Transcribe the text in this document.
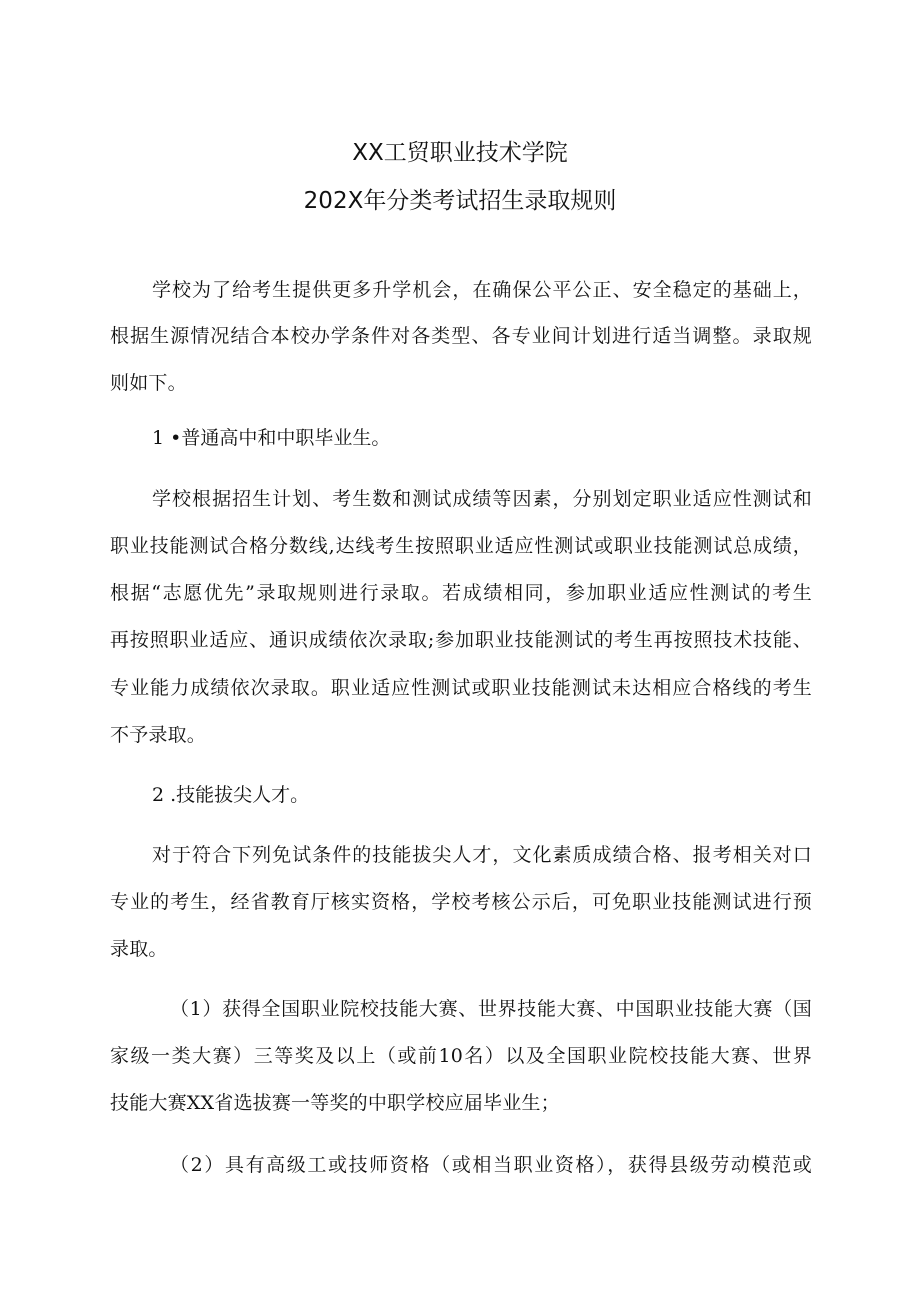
XX工贸职业技术学院
202X年分类考试招生录取规则
学校为了给考生提供更多升学机会，在确保公平公正、安全稳定的基础上，
根据生源情况结合本校办学条件对各类型、各专业间计划进行适当调整。录取规
则如下。
1 •普通高中和中职毕业生。
学校根据招生计划、考生数和测试成绩等因素，分别划定职业适应性测试和
职业技能测试合格分数线,达线考生按照职业适应性测试或职业技能测试总成绩，
根据“志愿优先”录取规则进行录取。若成绩相同，参加职业适应性测试的考生
再按照职业适应、通识成绩依次录取;参加职业技能测试的考生再按照技术技能、
专业能力成绩依次录取。职业适应性测试或职业技能测试未达相应合格线的考生
不予录取。
2 .技能拔尖人才。
对于符合下列免试条件的技能拔尖人才，文化素质成绩合格、报考相关对口
专业的考生，经省教育厅核实资格，学校考核公示后，可免职业技能测试进行预
录取。
（1）获得全国职业院校技能大赛、世界技能大赛、中国职业技能大赛（国
家级一类大赛）三等奖及以上（或前10名）以及全国职业院校技能大赛、世界
技能大赛XX省选拔赛一等奖的中职学校应届毕业生；
（2）具有高级工或技师资格（或相当职业资格），获得县级劳动模范或
